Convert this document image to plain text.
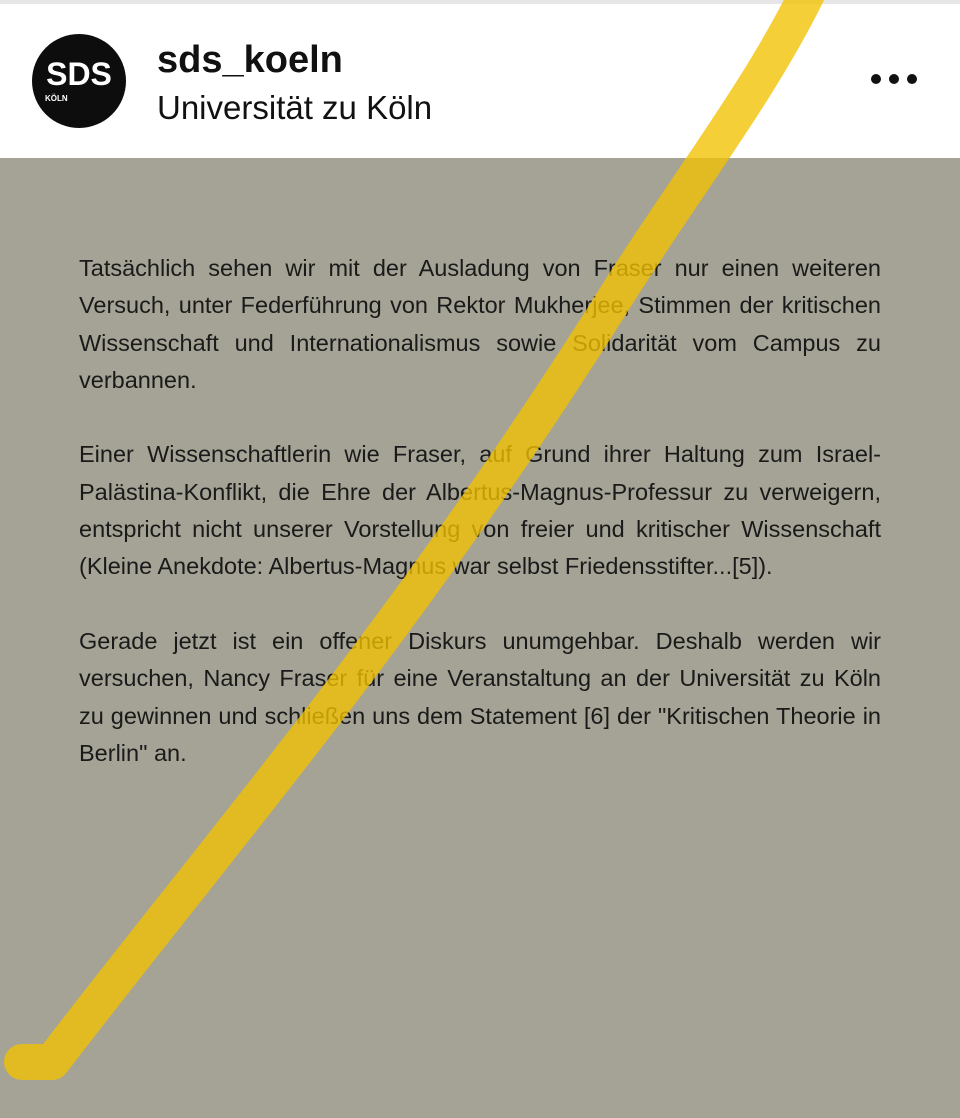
SDS
KÖLN
sds_koeln
Universität zu Köln

Tatsächlich sehen wir mit der Ausladung von Fraser nur einen weiteren Versuch, unter Federführung von Rektor Mukherjee, Stimmen der kritischen Wissenschaft und Internationalismus sowie Solidarität vom Campus zu verbannen.

Einer Wissenschaftlerin wie Fraser, auf Grund ihrer Haltung zum Israel-Palästina-Konflikt, die Ehre der Albertus-Magnus-Professur zu verweigern, entspricht nicht unserer Vorstellung von freier und kritischer Wissenschaft (Kleine Anekdote: Albertus-Magnus war selbst Friedensstifter...[5]).

Gerade jetzt ist ein offener Diskurs unumgehbar. Deshalb werden wir versuchen, Nancy Fraser für eine Veranstaltung an der Universität zu Köln zu gewinnen und schließen uns dem Statement [6] der "Kritischen Theorie in Berlin" an.
